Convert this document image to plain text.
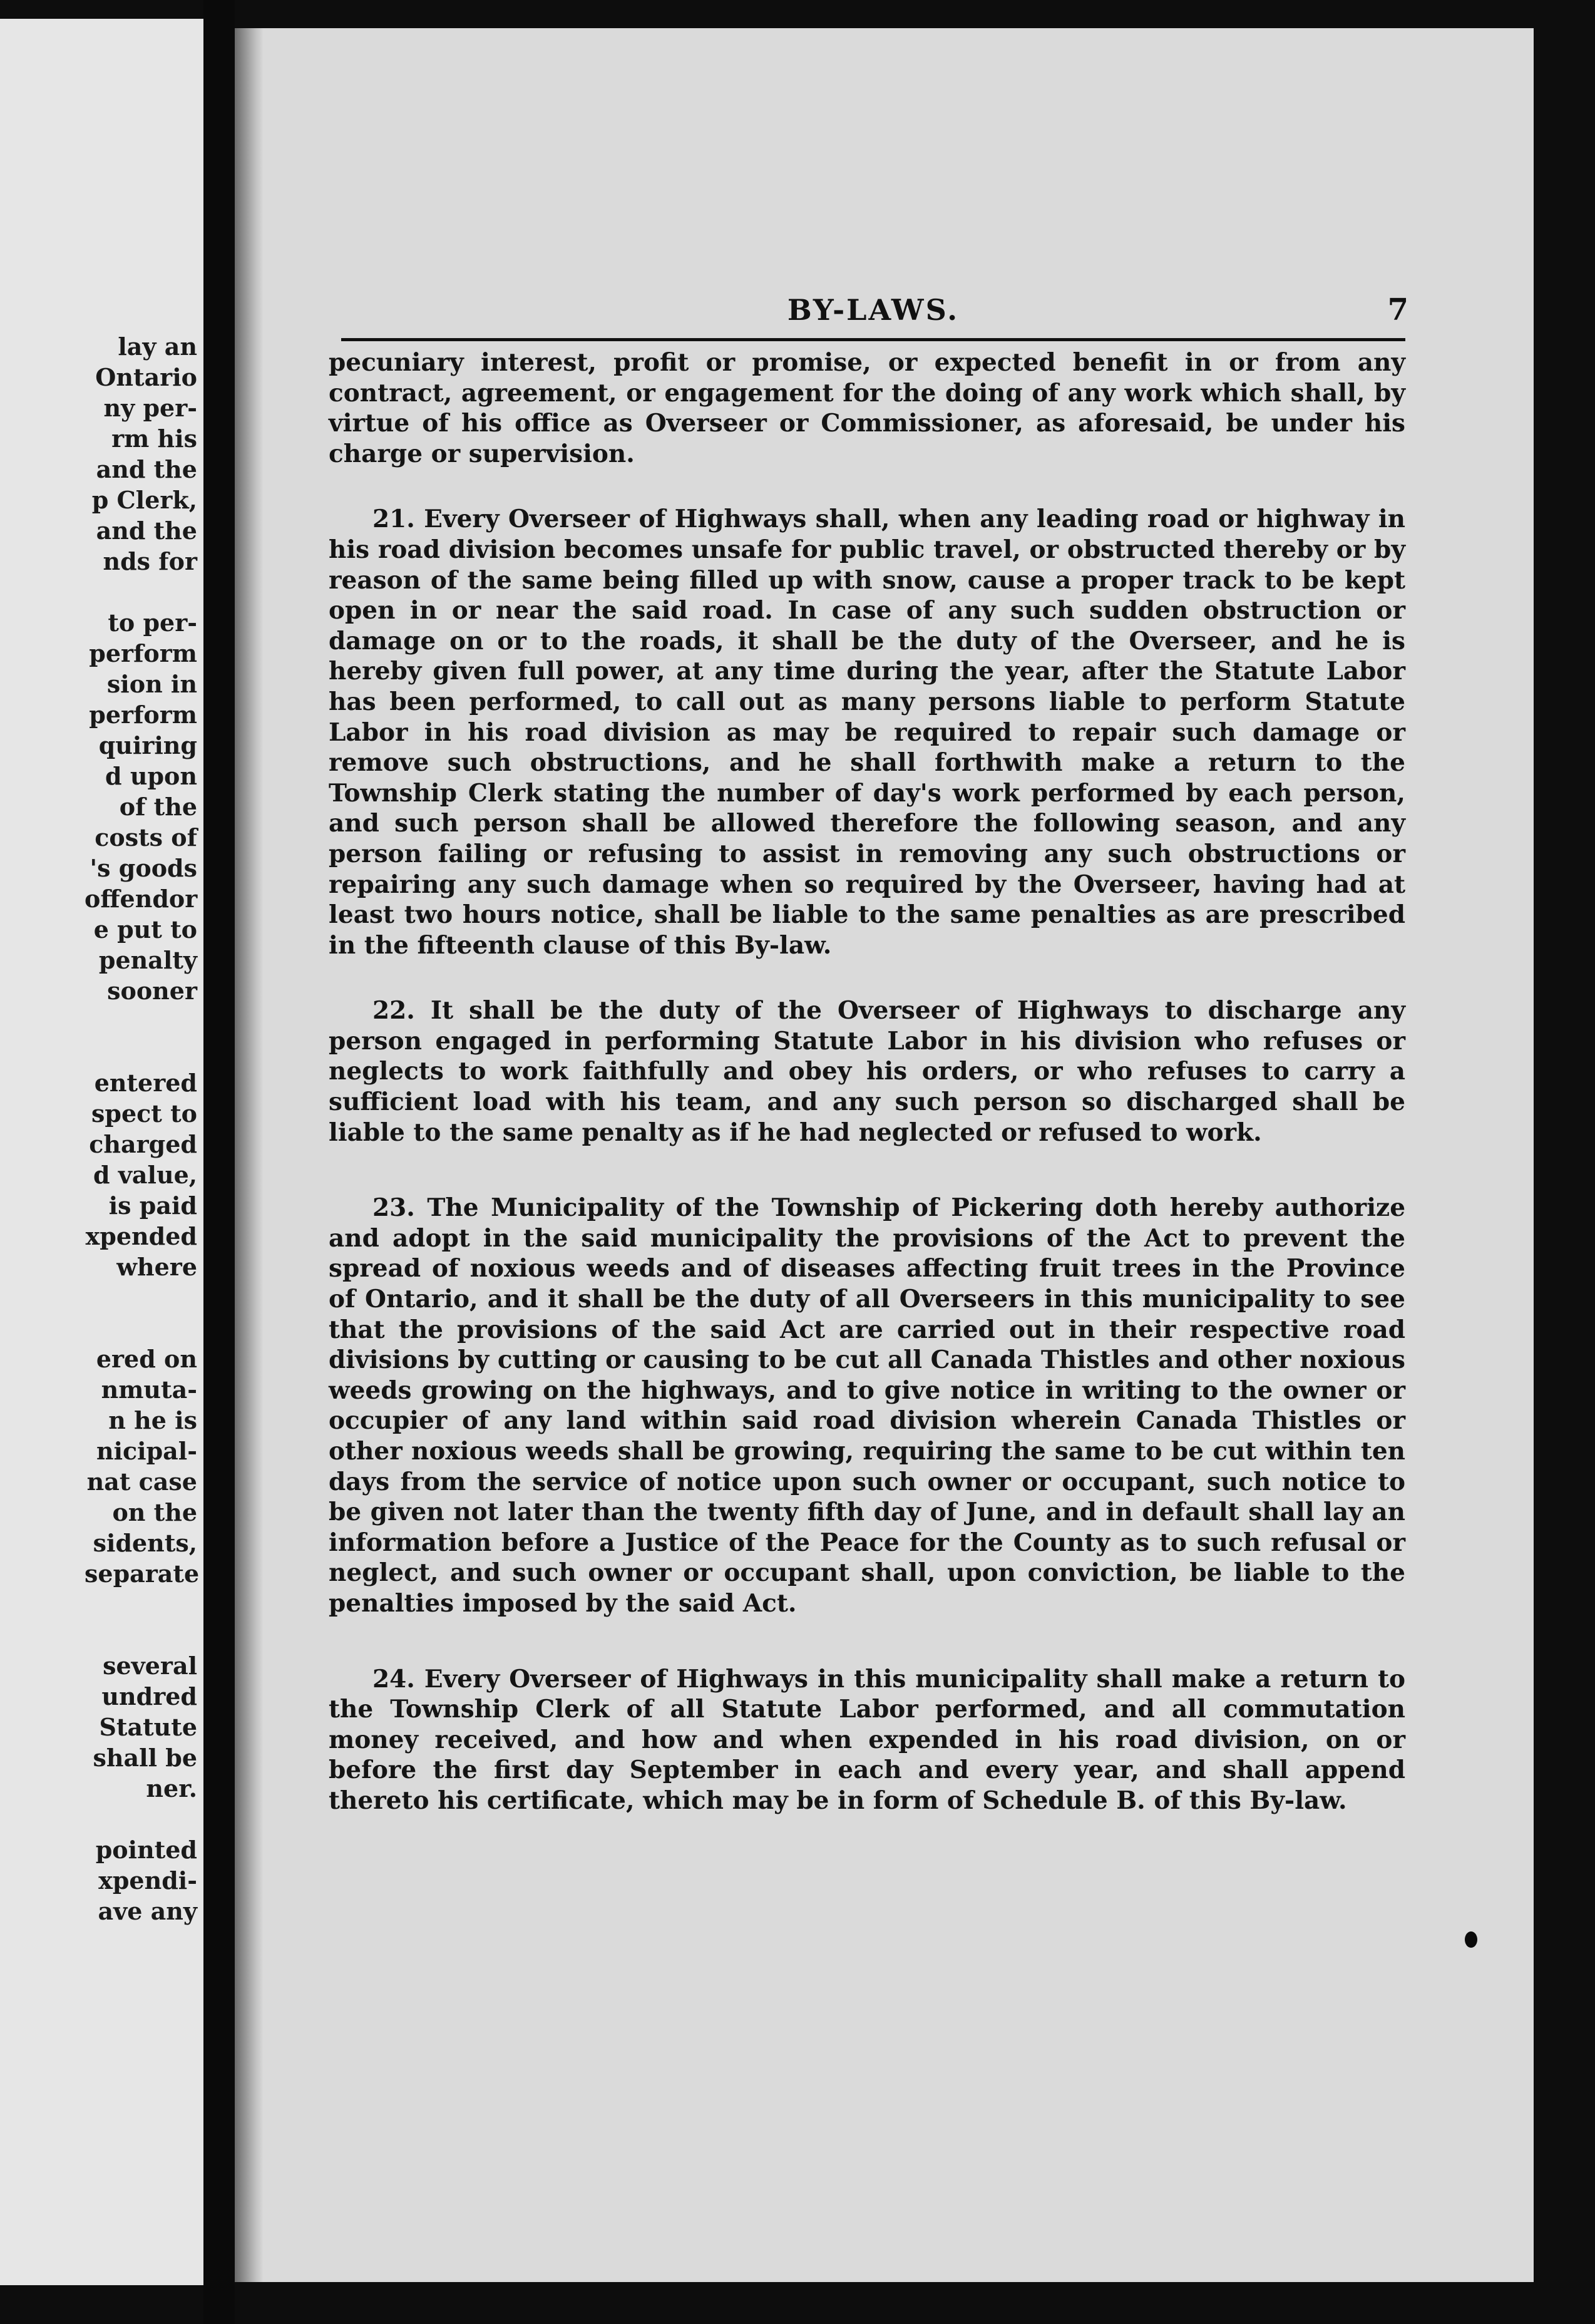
lay an
Ontario
ny per-
rm his
and the
p Clerk,
and the
nds for
to per-
perform
sion in
perform
quiring
d upon
of the
costs of
's goods
offendor
e put to
penalty
sooner
entered
spect to
charged
d value,
is paid
xpended
where
ered on
nmuta-
n he is
nicipal-
nat case
on the
sidents,
separate
several
undred
Statute
shall be
ner.
pointed
xpendi-
ave any
BY-LAWS.	7

pecuniary interest, profit or promise, or expected benefit in or from any contract, agreement, or engagement for the doing of any work which shall, by virtue of his office as Overseer or Commissioner, as aforesaid, be under his charge or supervision.

21. Every Overseer of Highways shall, when any leading road or highway in his road division becomes unsafe for public travel, or obstructed thereby or by reason of the same being filled up with snow, cause a proper track to be kept open in or near the said road. In case of any such sudden obstruction or damage on or to the roads, it shall be the duty of the Overseer, and he is hereby given full power, at any time during the year, after the Statute Labor has been performed, to call out as many persons liable to perform Statute Labor in his road division as may be required to repair such damage or remove such obstructions, and he shall forthwith make a return to the Township Clerk stating the number of day's work performed by each person, and such person shall be allowed therefore the following season, and any person failing or refusing to assist in removing any such obstructions or repairing any such damage when so required by the Overseer, having had at least two hours notice, shall be liable to the same penalties as are prescribed in the fifteenth clause of this By-law.

22. It shall be the duty of the Overseer of Highways to discharge any person engaged in performing Statute Labor in his division who refuses or neglects to work faithfully and obey his orders, or who refuses to carry a sufficient load with his team, and any such person so discharged shall be liable to the same penalty as if he had neglected or refused to work.

23. The Municipality of the Township of Pickering doth hereby authorize and adopt in the said municipality the provisions of the Act to prevent the spread of noxious weeds and of diseases affecting fruit trees in the Province of Ontario, and it shall be the duty of all Overseers in this municipality to see that the provisions of the said Act are carried out in their respective road divisions by cutting or causing to be cut all Canada Thistles and other noxious weeds growing on the highways, and to give notice in writing to the owner or occupier of any land within said road division wherein Canada Thistles or other noxious weeds shall be growing, requiring the same to be cut within ten days from the service of notice upon such owner or occupant, such notice to be given not later than the twenty fifth day of June, and in default shall lay an information before a Justice of the Peace for the County as to such refusal or neglect, and such owner or occupant shall, upon conviction, be liable to the penalties imposed by the said Act.

24. Every Overseer of Highways in this municipality shall make a return to the Township Clerk of all Statute Labor performed, and all commutation money received, and how and when expended in his road division, on or before the first day September in each and every year, and shall append thereto his certificate, which may be in form of Schedule B. of this By-law.
